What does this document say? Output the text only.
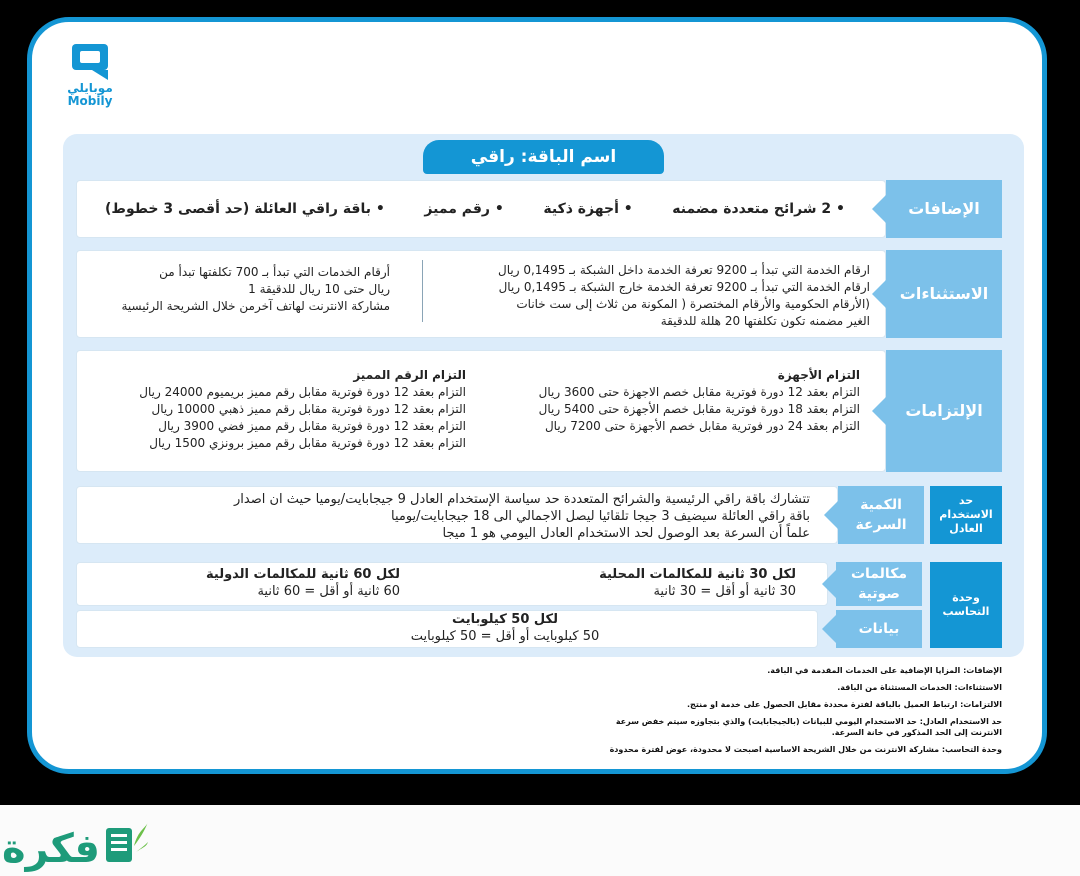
موبايلي
Mobily
اسم الباقة: راقي
• 2 شرائح متعددة مضمنه
• أجهزة ذكية
• رقم مميز
• باقة راقي العائلة (حد أقصى 3 خطوط)	الإضافات
ارقام الخدمة التي تبدأ بـ 9200 تعرفة الخدمة داخل الشبكة بـ 0,1495 ريال
ارقام الخدمة التي تبدأ بـ 9200 تعرفة الخدمة خارج الشبكة بـ 0,1495 ريال
(الأرقام الحكومية والأرقام المختصرة ( المكونة من ثلاث إلى ست خانات
الغير مضمنه تكون تكلفتها 20 هللة للدقيقة
أرقام الخدمات التي تبدأ بـ 700 تكلفتها تبدأ من
ريال حتى 10 ريال للدقيقة 1
مشاركة الانترنت لهاتف آخرمن خلال الشريحة الرئيسية
الاستثناءات
التزام الأجهزة
التزام بعقد 12 دورة فوترية مقابل خصم الاجهزة حتى 3600 ريال
التزام بعقد 18 دورة فوترية مقابل خصم الأجهزة حتى 5400 ريال
التزام بعقد 24 دور فوترية مقابل خصم الأجهزة حتى 7200 ريال
التزام الرقم المميز
التزام بعقد 12 دورة فوترية مقابل رقم مميز بريميوم 24000 ريال
التزام بعقد 12 دورة فوترية مقابل رقم مميز ذهبي 10000 ريال
التزام بعقد 12 دورة فوترية مقابل رقم مميز فضي 3900 ريال
التزام بعقد 12 دورة فوترية مقابل رقم مميز برونزي 1500 ريال
الإلتزامات
تتشارك باقة راقي الرئيسية والشرائح المتعددة حد سياسة الإستخدام العادل 9 جيجابايت/يوميا حيث ان اصدار
باقة راقي العائلة سيضيف 3 جيجا تلقائيا ليصل الاجمالي الى 18 جيجابايت/يوميا
علماً أن السرعة بعد الوصول لحد الاستخدام العادل اليومي هو 1 ميجا
الكمية السرعة
حد الاستخدام العادل
لكل 30 ثانية للمكالمات المحلية
30 ثانية أو أقل = 30 ثانية
لكل 60 ثانية للمكالمات الدولية
60 ثانية أو أقل = 60 ثانية
مكالمات صوتية
لكل 50 كيلوبايت
50 كيلوبايت أو أقل = 50 كيلوبايت	بيانات
وحدة التحاسب
الإضافات: المزايا الإضافية على الخدمات المقدمة في الباقة.
الاستثناءات: الخدمات المستثناة من الباقة.
الالتزامات: ارتباط العميل بالباقة لفترة محددة مقابل الحصول على خدمة او منتج.
حد الاستخدام العادل: حد الاستخدام اليومي للبيانات (بالجيجابايت) والذي بتجاوزه سيتم خفض سرعة الانترنت إلى الحد المذكور في خانة السرعة.
وحدة التحاسب: مشاركة الانترنت من خلال الشريحة الاساسية اصبحت لا محدودة، عوض لفترة محدودة
فكرة
